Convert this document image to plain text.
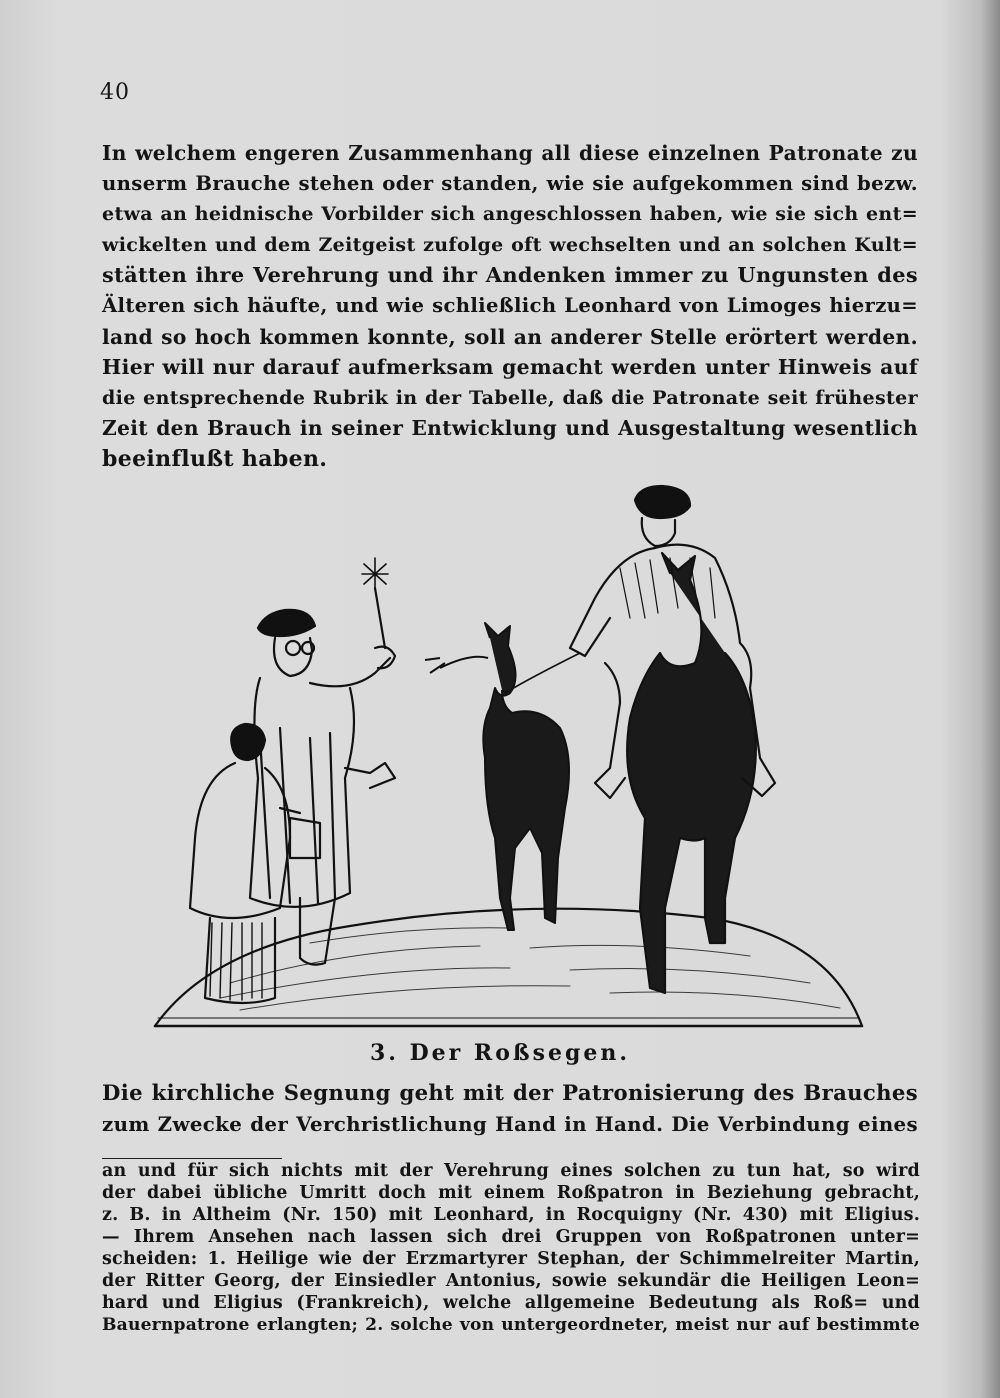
40
In welchem engeren Zusammenhang all diese einzelnen Patronate zu
unserm Brauche stehen oder standen, wie sie aufgekommen sind bezw.
etwa an heidnische Vorbilder sich angeschlossen haben, wie sie sich ent=
wickelten und dem Zeitgeist zufolge oft wechselten und an solchen Kult=
stätten ihre Verehrung und ihr Andenken immer zu Ungunsten des
Älteren sich häufte, und wie schließlich Leonhard von Limoges hierzu=
land so hoch kommen konnte, soll an anderer Stelle erörtert werden.
Hier will nur darauf aufmerksam gemacht werden unter Hinweis auf
die entsprechende Rubrik in der Tabelle, daß die Patronate seit frühester
Zeit den Brauch in seiner Entwicklung und Ausgestaltung wesentlich
beeinflußt haben.
3. Der Roßsegen.
Die kirchliche Segnung geht mit der Patronisierung des Brauches
zum Zwecke der Verchristlichung Hand in Hand. Die Verbindung eines
an und für sich nichts mit der Verehrung eines solchen zu tun hat, so wird
der dabei übliche Umritt doch mit einem Roßpatron in Beziehung gebracht,
z. B. in Altheim (Nr. 150) mit Leonhard, in Rocquigny (Nr. 430) mit Eligius.
— Ihrem Ansehen nach lassen sich drei Gruppen von Roßpatronen unter=
scheiden: 1. Heilige wie der Erzmartyrer Stephan, der Schimmelreiter Martin,
der Ritter Georg, der Einsiedler Antonius, sowie sekundär die Heiligen Leon=
hard und Eligius (Frankreich), welche allgemeine Bedeutung als Roß= und
Bauernpatrone erlangten; 2. solche von untergeordneter, meist nur auf bestimmte
